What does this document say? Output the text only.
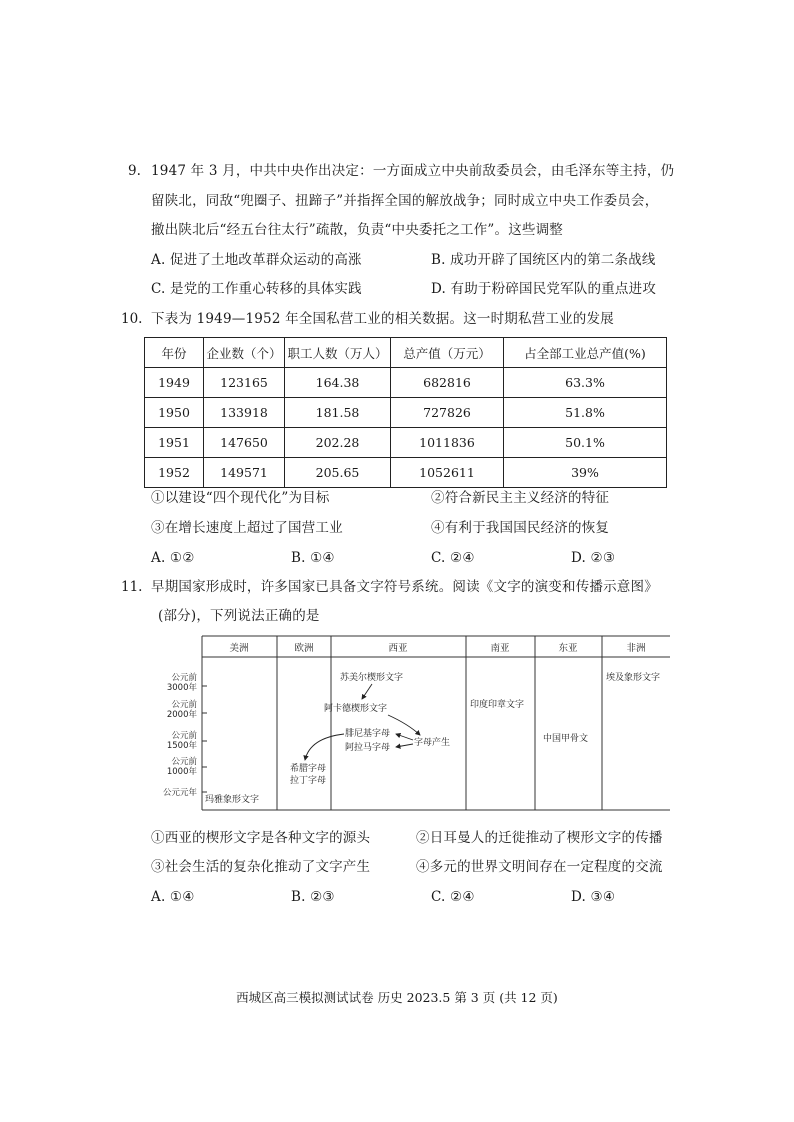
9. 1947 年 3 月，中共中央作出决定：一方面成立中央前敌委员会，由毛泽东等主持，仍
留陕北，同敌“兜圈子、扭蹄子”并指挥全国的解放战争；同时成立中央工作委员会，
撤出陕北后“经五台往太行”疏散，负责“中央委托之工作”。这些调整
A. 促进了土地改革群众运动的高涨	B. 成功开辟了国统区内的第二条战线
C. 是党的工作重心转移的具体实践	D. 有助于粉碎国民党军队的重点进攻
10. 下表为 1949—1952 年全国私营工业的相关数据。这一时期私营工业的发展
年份	企业数（个）	职工人数（万人）	总产值（万元）	占全部工业总产值(%)
1949	123165	164.38	682816	63.3%
1950	133918	181.58	727826	51.8%
1951	147650	202.28	1011836	50.1%
1952	149571	205.65	1052611	39%
①以建设“四个现代化”为目标	②符合新民主主义经济的特征
③在增长速度上超过了国营工业	④有利于我国国民经济的恢复
A. ①②	B. ①④	C. ②④	D. ②③
11. 早期国家形成时，许多国家已具备文字符号系统。阅读《文字的演变和传播示意图》
(部分)，下列说法正确的是
美洲	欧洲	西亚	南亚	东亚	非洲
公元前
3000年
公元前
2000年
公元前
1500年
公元前
1000年
公元元年
苏美尔楔形文字
阿卡德楔形文字
腓尼基字母
阿拉马字母	字母产生
希腊字母
拉丁字母
玛雅象形文字
印度印章文字
中国甲骨文
埃及象形文字
①西亚的楔形文字是各种文字的源头	②日耳曼人的迁徙推动了楔形文字的传播
③社会生活的复杂化推动了文字产生	④多元的世界文明间存在一定程度的交流
A. ①④	B. ②③	C. ②④	D. ③④
西城区高三模拟测试试卷 历史 2023.5 第 3 页 (共 12 页)
